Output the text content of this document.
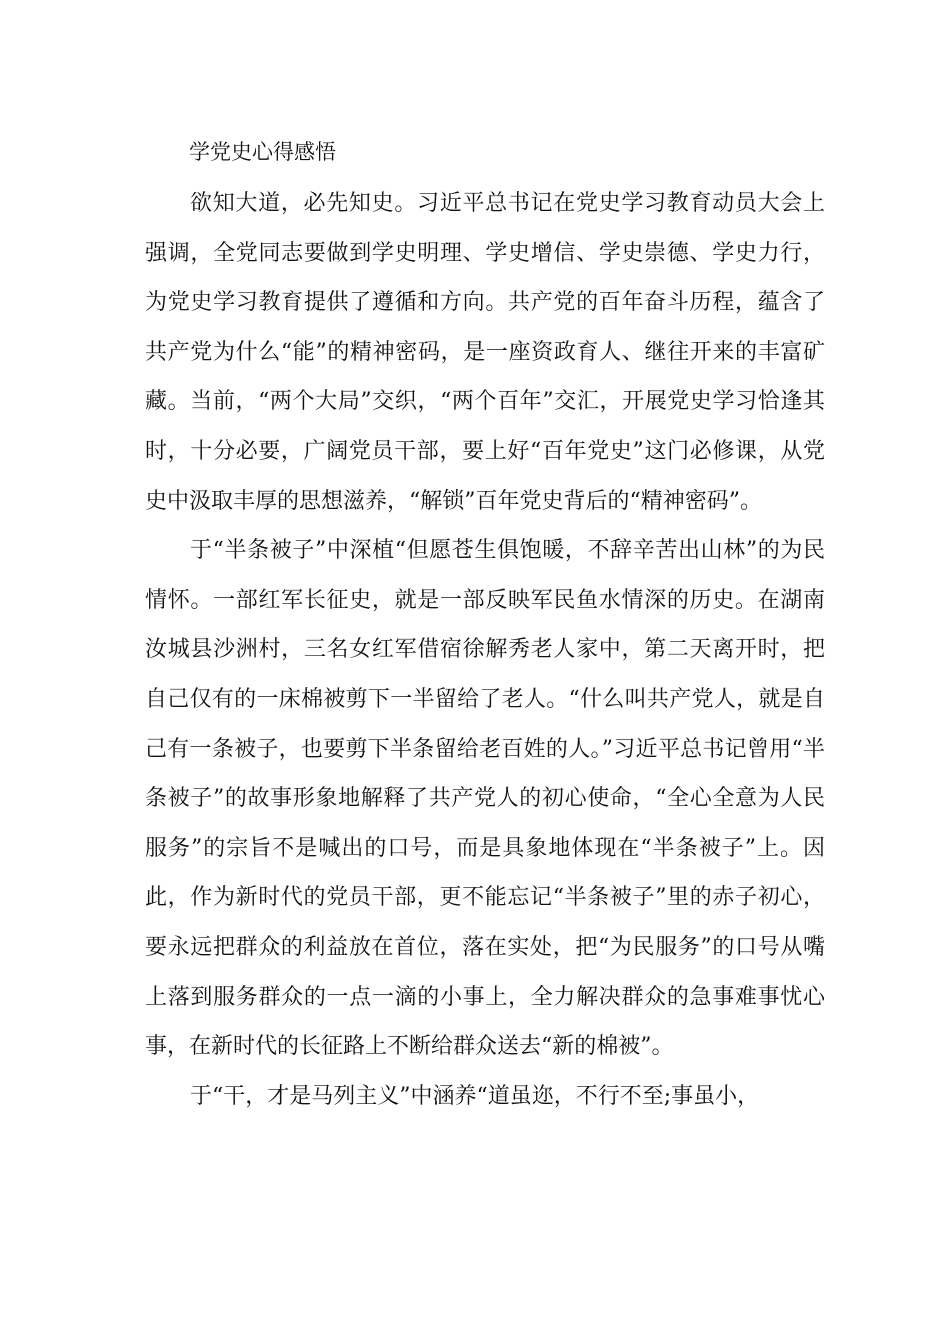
学党史心得感悟

欲知大道，必先知史。习近平总书记在党史学习教育动员大会上强调，全党同志要做到学史明理、学史增信、学史崇德、学史力行，为党史学习教育提供了遵循和方向。共产党的百年奋斗历程，蕴含了共产党为什么“能”的精神密码，是一座资政育人、继往开来的丰富矿藏。当前，“两个大局”交织，“两个百年”交汇，开展党史学习恰逢其时，十分必要，广阔党员干部，要上好“百年党史”这门必修课，从党史中汲取丰厚的思想滋养，“解锁”百年党史背后的“精神密码”。

于“半条被子”中深植“但愿苍生俱饱暖，不辞辛苦出山林”的为民情怀。一部红军长征史，就是一部反映军民鱼水情深的历史。在湖南汝城县沙洲村，三名女红军借宿徐解秀老人家中，第二天离开时，把自己仅有的一床棉被剪下一半留给了老人。“什么叫共产党人，就是自己有一条被子，也要剪下半条留给老百姓的人。”习近平总书记曾用“半条被子”的故事形象地解释了共产党人的初心使命，“全心全意为人民服务”的宗旨不是喊出的口号，而是具象地体现在“半条被子”上。因此，作为新时代的党员干部，更不能忘记“半条被子”里的赤子初心，要永远把群众的利益放在首位，落在实处，把“为民服务”的口号从嘴上落到服务群众的一点一滴的小事上，全力解决群众的急事难事忧心事，在新时代的长征路上不断给群众送去“新的棉被”。

于“干，才是马列主义”中涵养“道虽迩，不行不至;事虽小，
